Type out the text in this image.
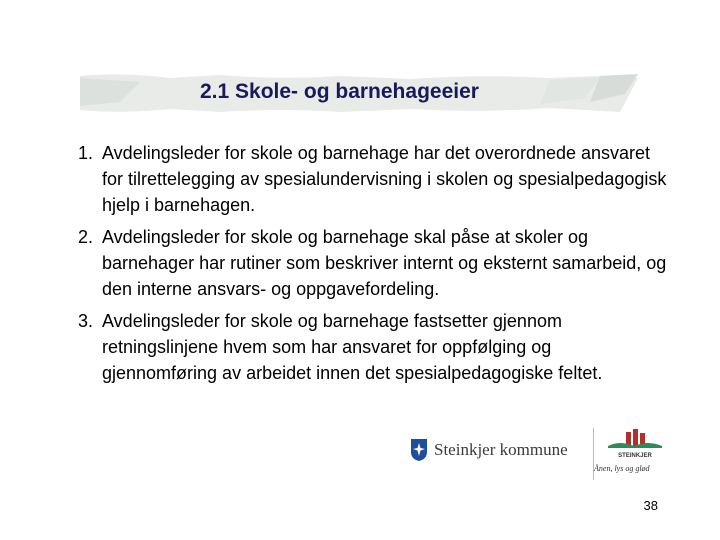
2.1 Skole- og barnehageeier
1. Avdelingsleder for skole og barnehage har det overordnede ansvaret for tilrettelegging av spesialundervisning i skolen og spesialpedagogisk hjelp i barnehagen.
2. Avdelingsleder for skole og barnehage skal påse at skoler og barnehager har rutiner som beskriver internt og eksternt samarbeid, og den interne ansvars- og oppgavefordeling.
3. Avdelingsleder for skole og barnehage fastsetter gjennom retningslinjene hvem som har ansvaret for oppfølging og gjennomføring av arbeidet innen det spesialpedagogiske feltet.
Steinkjer kommune	STEINKJER
Ånen, lys og glød
38
